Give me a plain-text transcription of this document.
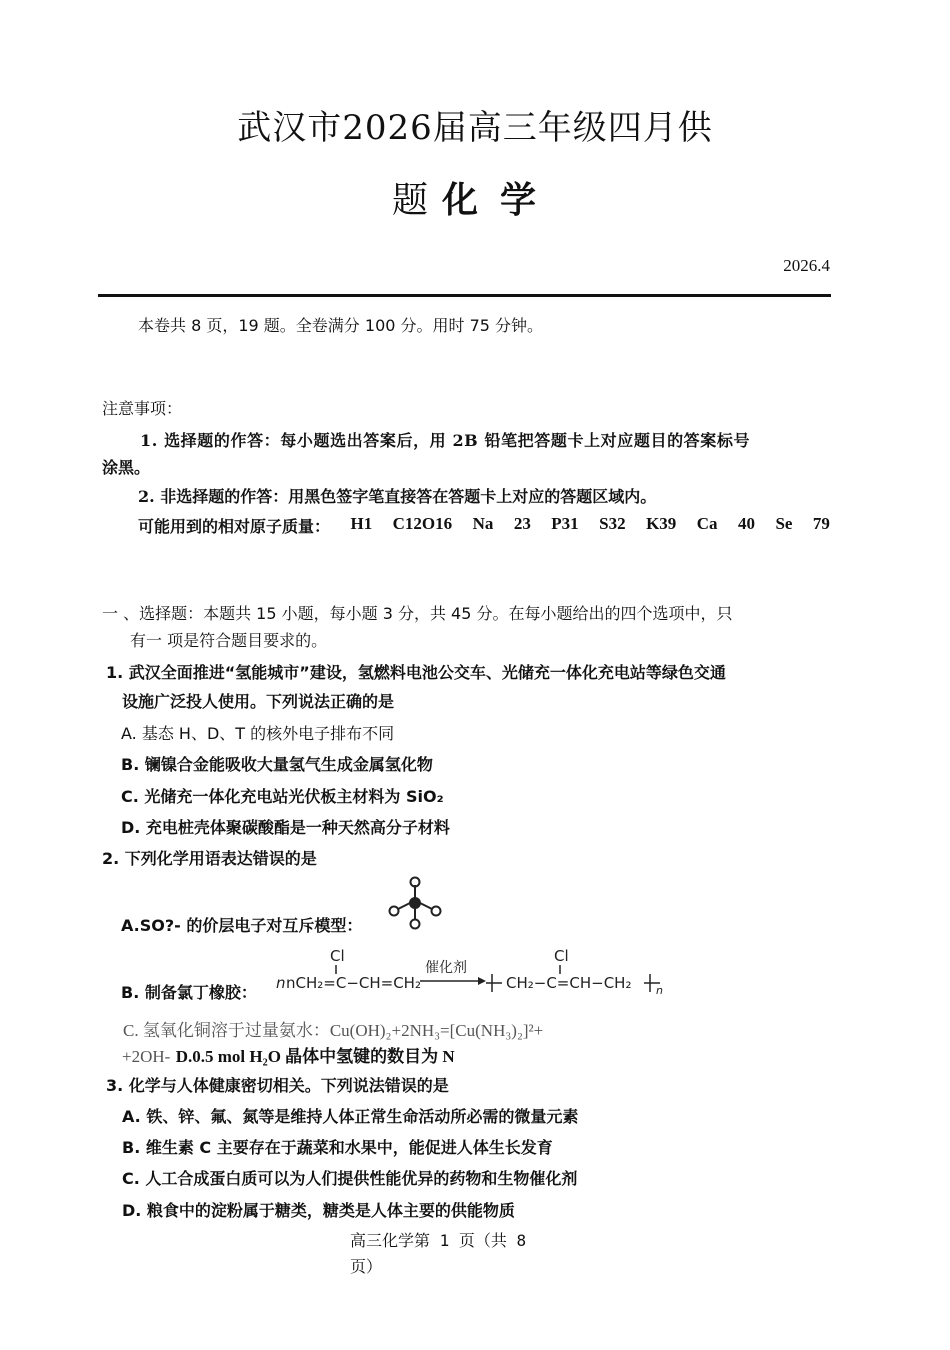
武汉市2026届高三年级四月供
题 化学
2026.4
本卷共 8 页，19 题。全卷满分 100 分。用时 75 分钟。
注意事项：
1. 选择题的作答：每小题选出答案后，用 2B 铅笔把答题卡上对应题目的答案标号
涂黑。
2. 非选择题的作答：用黑色签字笔直接答在答题卡上对应的答题区域内。
可能用到的相对原子质量： H1 C12O16 Na 23 P31 S32 K39 Ca 40 Se 79
一 、选择题：本题共 15 小题，每小题 3 分，共 45 分。在每小题给出的四个选项中，只
有一 项是符合题目要求的。
1. 武汉全面推进“氢能城市”建设，氢燃料电池公交车、光储充一体化充电站等绿色交通
设施广泛投人使用。下列说法正确的是
A. 基态 H、D、T 的核外电子排布不同
B. 镧镍合金能吸收大量氢气生成金属氢化物
C. 光储充一体化充电站光伏板主材料为 SiO₂
D. 充电桩壳体聚碳酸酯是一种天然高分子材料
2. 下列化学用语表达错误的是
A.SO?- 的价层电子对互斥模型：
B. 制备氯丁橡胶：
Cl
n nCH₂=C−CH=CH₂
催化剂
Cl
CH₂−C=CH−CH₂ n
C. 氢氧化铜溶于过量氨水：Cu(OH)₂+2NH₃=[Cu(NH₃)₂]²+
+2OH- D.0.5 mol H₂O 晶体中氢键的数目为 N
3. 化学与人体健康密切相关。下列说法错误的是
A. 铁、锌、氟、氮等是维持人体正常生命活动所必需的微量元素
B. 维生素 C 主要存在于蔬菜和水果中，能促进人体生长发育
C. 人工合成蛋白质可以为人们提供性能优异的药物和生物催化剂
D. 粮食中的淀粉属于糖类，糖类是人体主要的供能物质
高三化学第 1 页（共 8
页）
